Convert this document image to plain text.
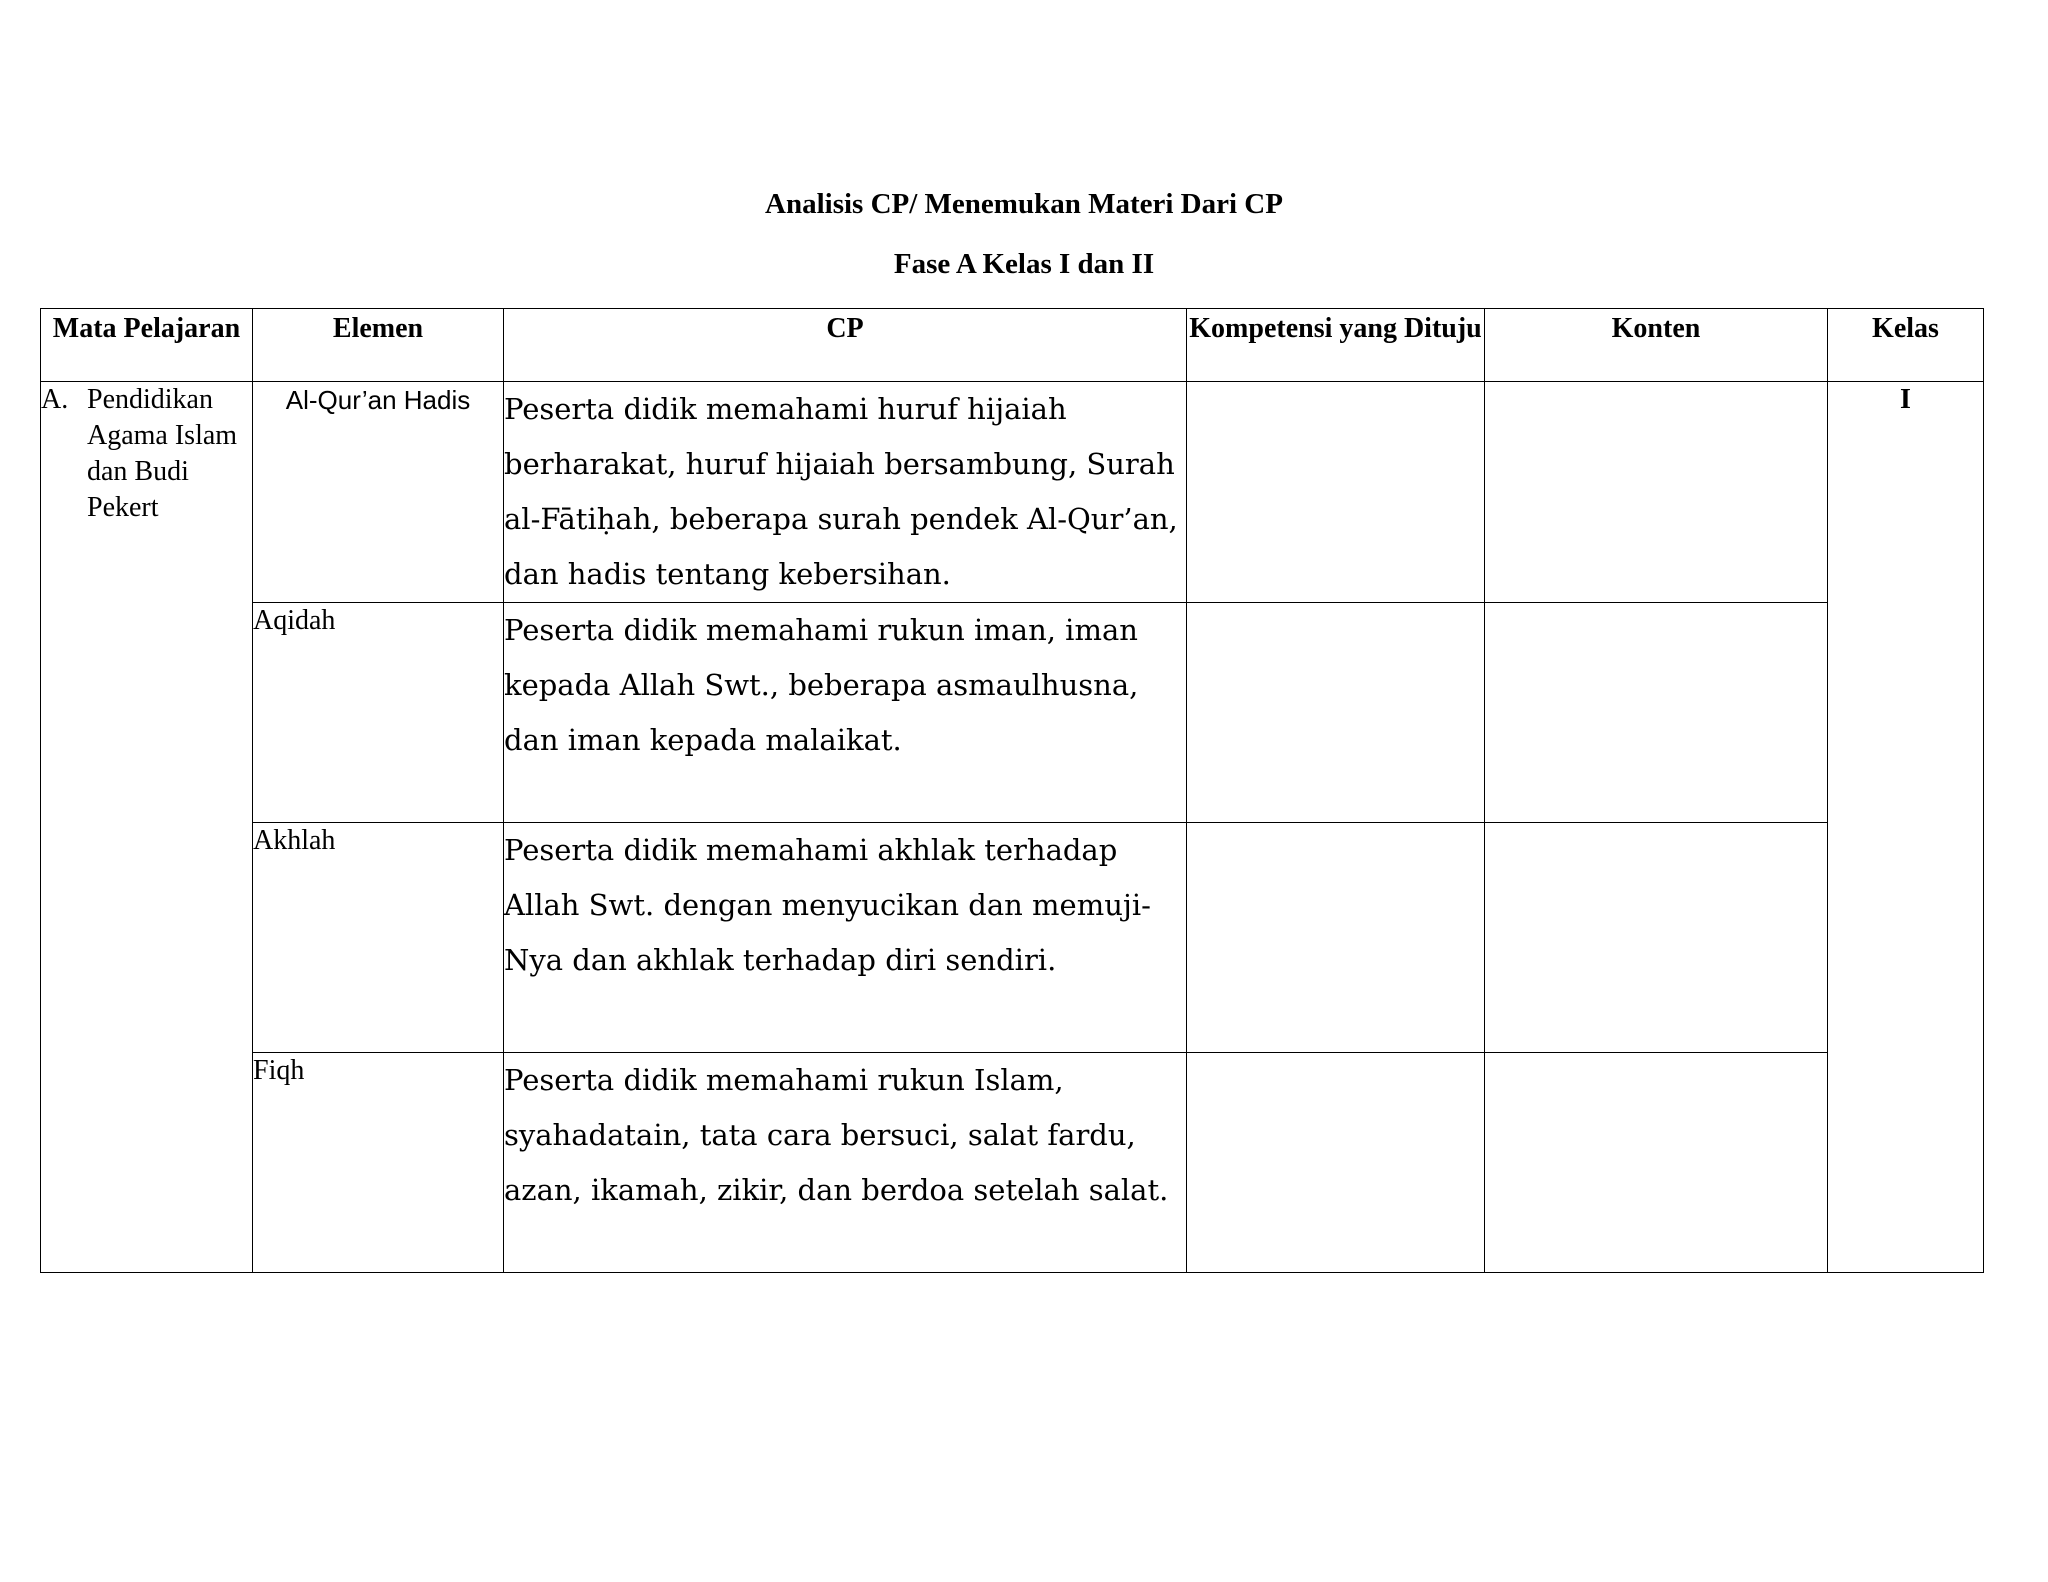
Analisis CP/ Menemukan Materi Dari CP
Fase A Kelas I dan II
Mata Pelajaran	Elemen	CP	Kompetensi yang Dituju	Konten	Kelas

A. Pendidikan Agama Islam dan Budi Pekert	Al-Qur’an Hadis	Peserta didik memahami huruf hijaiah berharakat, huruf hijaiah bersambung, Surah al-Fātiḥah, beberapa surah pendek Al-Qur’an, dan hadis tentang kebersihan.			I
	Aqidah	Peserta didik memahami rukun iman, iman kepada Allah Swt., beberapa asmaulhusna, dan iman kepada malaikat.			
	Akhlah	Peserta didik memahami akhlak terhadap Allah Swt. dengan menyucikan dan memuji-Nya dan akhlak terhadap diri sendiri.			
	Fiqh	Peserta didik memahami rukun Islam, syahadatain, tata cara bersuci, salat fardu, azan, ikamah, zikir, dan berdoa setelah salat.			
